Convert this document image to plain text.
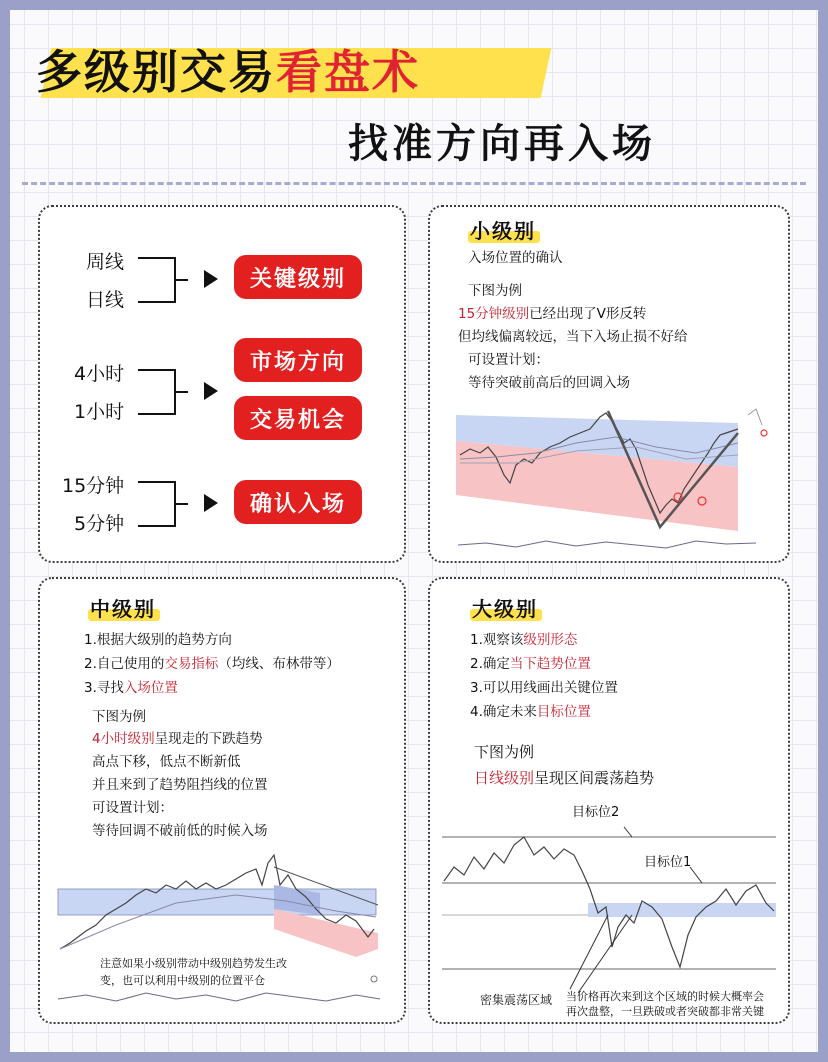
多级别交易看盘术
找准方向再入场
周线
日线
关键级别
4小时
1小时
市场方向
交易机会
15分钟
5分钟
确认入场
小级别
入场位置的确认
下图为例
15分钟级别已经出现了V形反转
但均线偏离较远，当下入场止损不好给
可设置计划：
等待突破前高后的回调入场
中级别
1.根据大级别的趋势方向
2.自己使用的交易指标（均线、布林带等）
3.寻找入场位置
下图为例
4小时级别呈现走的下跌趋势
高点下移，低点不断新低
并且来到了趋势阻挡线的位置
可设置计划：
等待回调不破前低的时候入场
注意如果小级别带动中级别趋势发生改
变，也可以利用中级别的位置平仓
大级别
1.观察该级别形态
2.确定当下趋势位置
3.可以用线画出关键位置
4.确定未来目标位置
下图为例
日线级别呈现区间震荡趋势
目标位2
目标位1
密集震荡区域 当价格再次来到这个区域的时候大概率会
再次盘整，一旦跌破或者突破都非常关键
